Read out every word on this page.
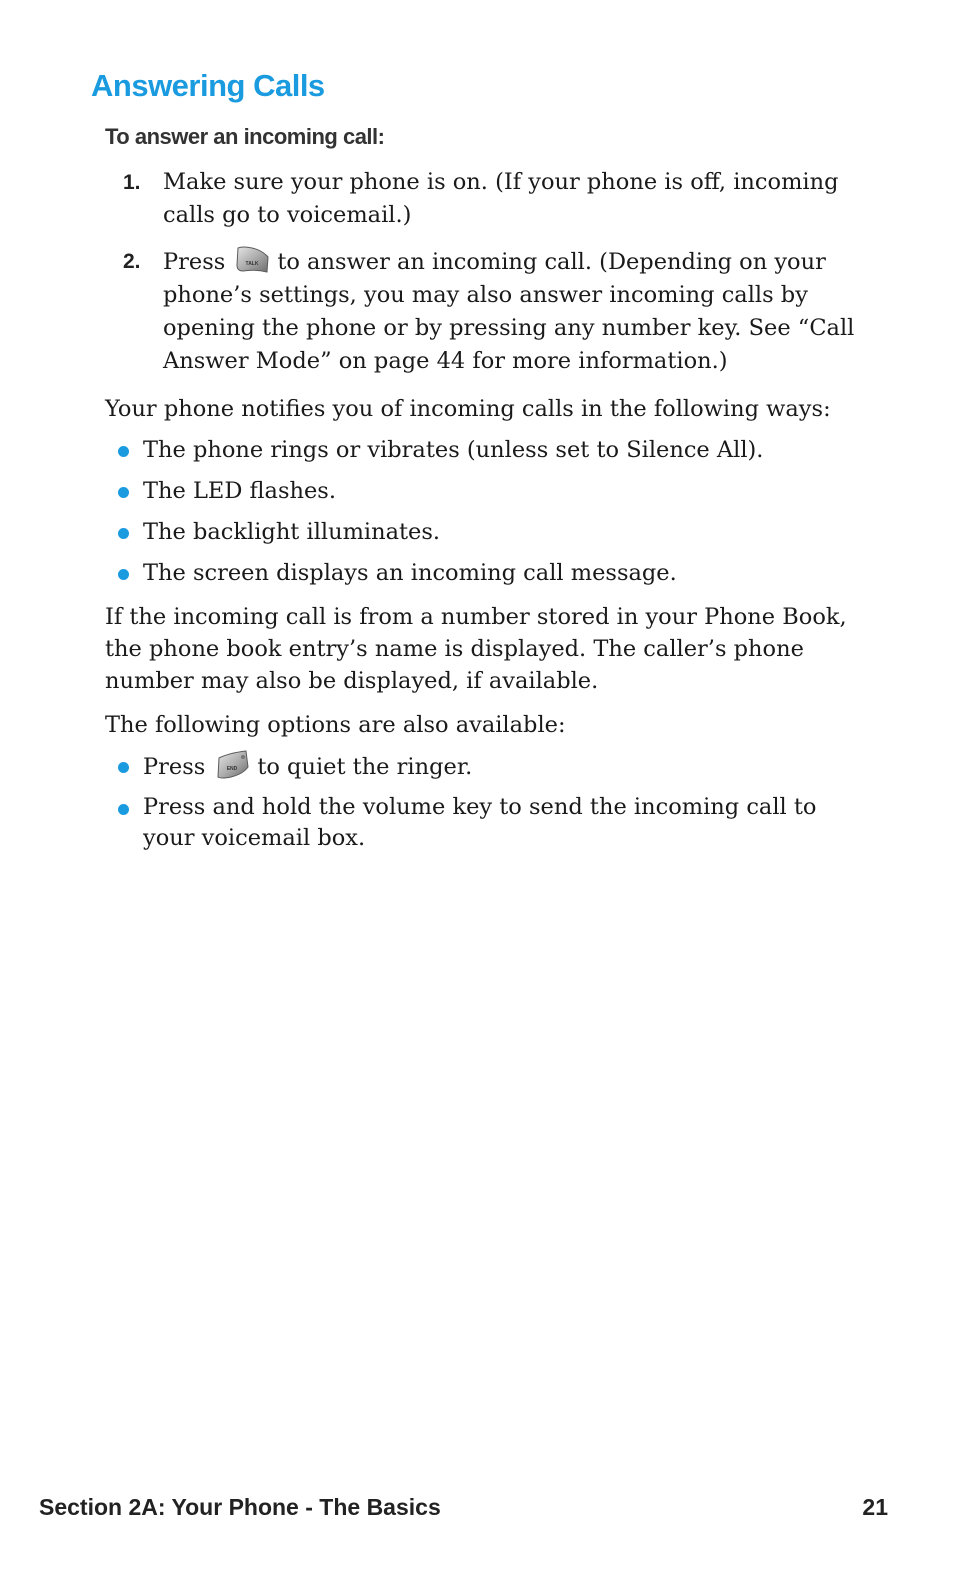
Answering Calls
To answer an incoming call:
1. Make sure your phone is on. (If your phone is off, incoming calls go to voicemail.)
2. Press	TALK to answer an incoming call. (Depending on your phone’s settings, you may also answer incoming calls by opening the phone or by pressing any number key. See “Call Answer Mode” on page 44 for more information.)
Your phone notifies you of incoming calls in the following ways:
The phone rings or vibrates (unless set to Silence All).
The LED flashes.
The backlight illuminates.
The screen displays an incoming call message.
If the incoming call is from a number stored in your Phone Book, the phone book entry’s name is displayed. The caller’s phone number may also be displayed, if available.
The following options are also available:
Press	END to quiet the ringer.
Press and hold the volume key to send the incoming call to your voicemail box.
Section 2A: Your Phone - The Basics	21
